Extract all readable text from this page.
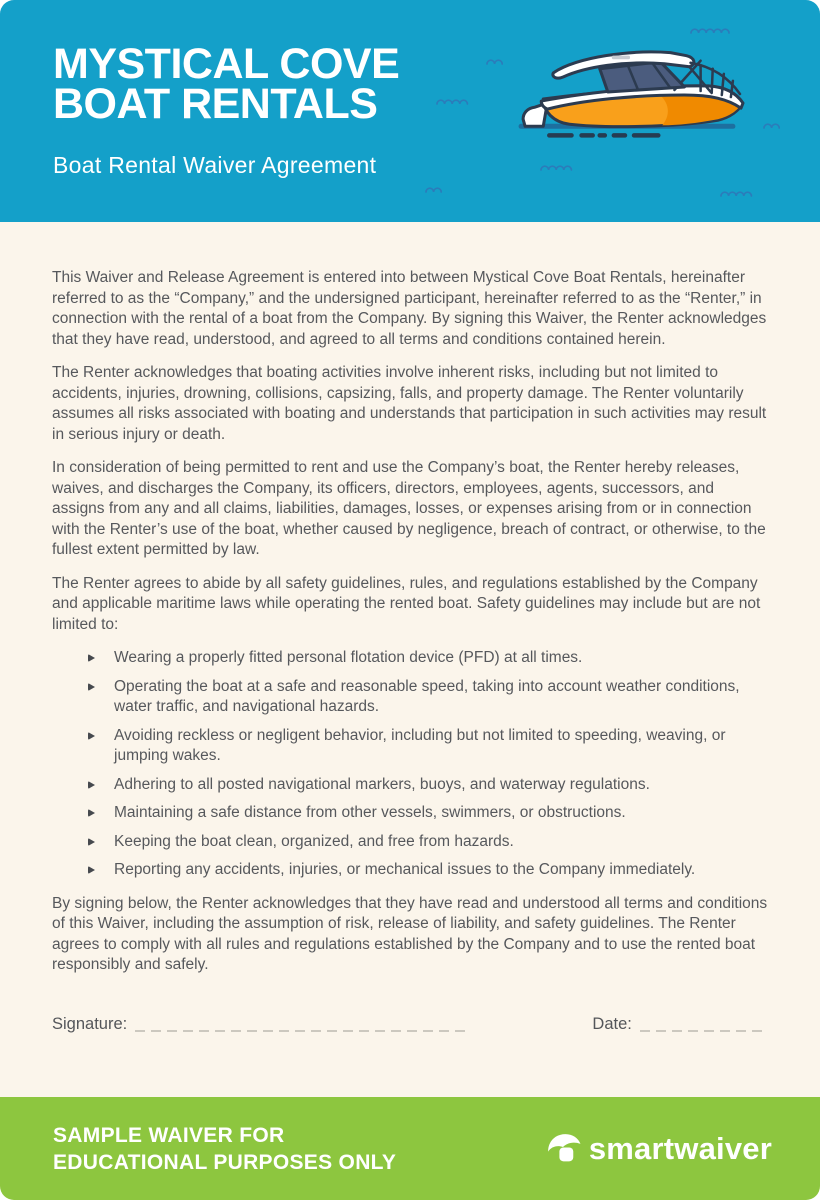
MYSTICAL COVE
BOAT RENTALS

Boat Rental Waiver Agreement

This Waiver and Release Agreement is entered into between Mystical Cove Boat Rentals, hereinafter referred to as the “Company,” and the undersigned participant, hereinafter referred to as the “Renter,” in connection with the rental of a boat from the Company. By signing this Waiver, the Renter acknowledges that they have read, understood, and agreed to all terms and conditions contained herein.

The Renter acknowledges that boating activities involve inherent risks, including but not limited to accidents, injuries, drowning, collisions, capsizing, falls, and property damage. The Renter voluntarily assumes all risks associated with boating and understands that participation in such activities may result in serious injury or death.

In consideration of being permitted to rent and use the Company’s boat, the Renter hereby releases, waives, and discharges the Company, its officers, directors, employees, agents, successors, and assigns from any and all claims, liabilities, damages, losses, or expenses arising from or in connection with the Renter’s use of the boat, whether caused by negligence, breach of contract, or otherwise, to the fullest extent permitted by law.

The Renter agrees to abide by all safety guidelines, rules, and regulations established by the Company and applicable maritime laws while operating the rented boat. Safety guidelines may include but are not limited to:

Wearing a properly fitted personal flotation device (PFD) at all times.
Operating the boat at a safe and reasonable speed, taking into account weather conditions, water traffic, and navigational hazards.
Avoiding reckless or negligent behavior, including but not limited to speeding, weaving, or jumping wakes.
Adhering to all posted navigational markers, buoys, and waterway regulations.
Maintaining a safe distance from other vessels, swimmers, or obstructions.
Keeping the boat clean, organized, and free from hazards.
Reporting any accidents, injuries, or mechanical issues to the Company immediately.

By signing below, the Renter acknowledges that they have read and understood all terms and conditions of this Waiver, including the assumption of risk, release of liability, and safety guidelines. The Renter agrees to comply with all rules and regulations established by the Company and to use the rented boat responsibly and safely.

Signature:	Date:
SAMPLE WAIVER FOR
EDUCATIONAL PURPOSES ONLY	smartwaiver
